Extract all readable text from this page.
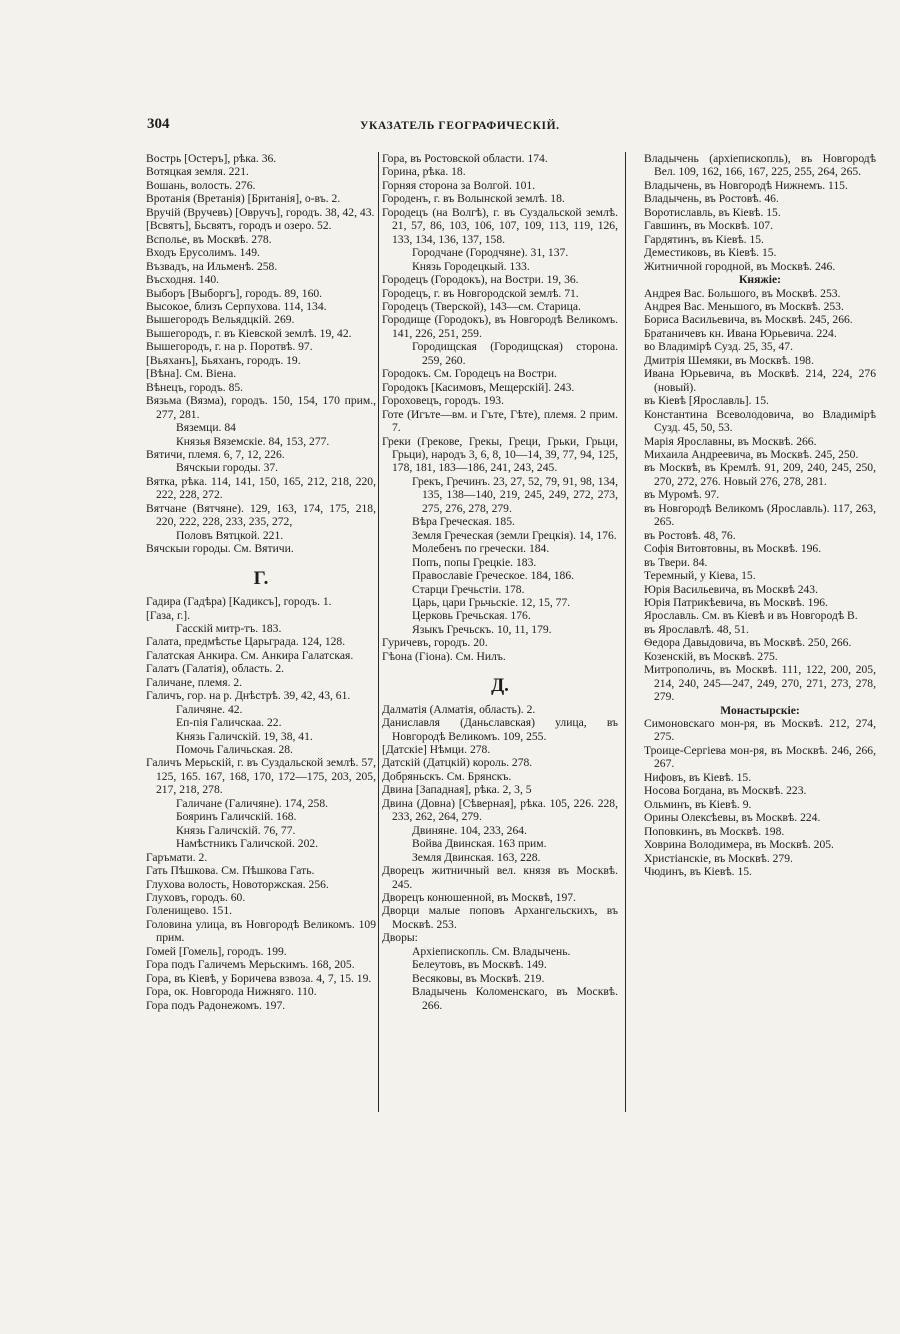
304	УКАЗАТЕЛЬ ГЕОГРАФИЧЕСКІЙ.

Вострь [Остеръ], рѣка. 36.

Вотяцкая земля. 221.

Вошань, волость. 276.

Вротанія (Вретанія) [Британія], о-въ. 2.

Вручій (Вручевъ) [Овручъ], городъ. 38, 42, 43.

[Всвятъ], Бьсвятъ, городъ и озеро. 52.

Всполье, въ Москвѣ. 278.

Входъ Ерусолимъ. 149.

Възвадъ, на Ильменѣ. 258.

Въсходня. 140.

Выборъ [Выборгъ], городъ. 89, 160.

Высокое, близъ Серпухова. 114, 134.

Вышегородъ Вельядцкій. 269.

Вышегородъ, г. въ Кіевской землѣ. 19, 42.

Вышегородъ, г. на р. Поротвѣ. 97.

[Вьяханъ], Бьяханъ, городъ. 19.

[Вѣна]. См. Віена.

Вѣнецъ, городъ. 85.

Вязьма (Вязма), городъ. 150, 154, 170 прим., 277, 281.

Вяземци. 84

Князья Вяземскіе. 84, 153, 277.

Вятичи, племя. 6, 7, 12, 226.

Вячскыи городы. 37.

Вятка, рѣка. 114, 141, 150, 165, 212, 218, 220, 222, 228, 272.

Вятчане (Вятчяне). 129, 163, 174, 175, 218, 220, 222, 228, 233, 235, 272,

Половъ Вятцкой. 221.

Вячскыи городы. См. Вятичи.

Г.

Гадира (Гадѣра) [Кадиксъ], городъ. 1.

[Газа, г.].

Гасскій митр-тъ. 183.

Галата, предмѣстье Царьграда. 124, 128.

Галатская Анкира. См. Анкира Галатская.

Галатъ (Галатія), область. 2.

Галичане, племя. 2.

Галичъ, гор. на р. Днѣстрѣ. 39, 42, 43, 61.

Галичяне. 42.

Еп-пія Галичскаа. 22.

Князь Галичскій. 19, 38, 41.

Помочь Галичьская. 28.

Галичъ Мерьскій, г. въ Суздальской землѣ. 57, 125, 165. 167, 168, 170, 172—175, 203, 205, 217, 218, 278.

Галичане (Галичяне). 174, 258.

Бояринъ Галичскій. 168.

Князь Галичскій. 76, 77.

Намѣстникъ Галичской. 202.

Гаръмати. 2.

Гать Пѣшкова. См. Пѣшкова Гать.

Глухова волость, Новоторжская. 256.

Глуховъ, городъ. 60.

Голенищево. 151.

Головина улица, въ Новгородѣ Великомъ. 109 прим.

Гомей [Гомель], городъ. 199.

Гора подъ Галичемъ Мерьскимъ. 168, 205.

Гора, въ Кіевѣ, у Боричева взвоза. 4, 7, 15. 19.

Гора, ок. Новгорода Нижняго. 110.

Гора подъ Радонежомъ. 197.

Гора, въ Ростовской области. 174.

Горина, рѣка. 18.

Горняя сторона за Волгой. 101.

Городенъ, г. въ Волынской землѣ. 18.

Городецъ (на Волгѣ), г. въ Суздальской землѣ. 21, 57, 86, 103, 106, 107, 109, 113, 119, 126, 133, 134, 136, 137, 158.

Городчане (Городчяне). 31, 137.

Князь Городецкый. 133.

Городецъ (Городокъ), на Востри. 19, 36.

Городецъ, г. въ Новгородской землѣ. 71.

Городецъ (Тверской), 143—см. Старица.

Городище (Городокъ), въ Новгородѣ Великомъ. 141, 226, 251, 259.

Городищская (Городищская) сторона. 259, 260.

Городокъ. См. Городецъ на Востри.

Городокъ [Касимовъ, Мещерскій]. 243.

Гороховецъ, городъ. 193.

Готе (Игъте—вм. и Гъте, Гѣте), племя. 2 прим. 7.

Греки (Грекове, Грекы, Греци, Грьки, Грьци, Грьци), народъ 3, 6, 8, 10—14, 39, 77, 94, 125, 178, 181, 183—186, 241, 243, 245.

Грекъ, Гречинъ. 23, 27, 52, 79, 91, 98, 134, 135, 138—140, 219, 245, 249, 272, 273, 275, 276, 278, 279.

Вѣра Греческая. 185.

Земля Греческая (земли Грецкія). 14, 176.

Молебенъ по гречески. 184.

Попъ, попы Грецкіе. 183.

Православіе Греческое. 184, 186.

Старци Гречьстіи. 178.

Царь, цари Грьчьскіе. 12, 15, 77.

Церковь Гречьская. 176.

Языкъ Гречьскъ. 10, 11, 179.

Гуричевъ, городъ. 20.

Гѣона (Гіона). См. Нилъ.

Д.

Далматія (Алматія, область). 2.

Даниславля (Даньславская) улица, въ Новгородѣ Великомъ. 109, 255.

[Датскіе] Нѣмци. 278.

Датскій (Датцкій) король. 278.

Добряньскъ. См. Брянскъ.

Двина [Западная], рѣка. 2, 3, 5

Двина (Довна) [Сѣверная], рѣка. 105, 226. 228, 233, 262, 264, 279.

Двиняне. 104, 233, 264.

Войва Двинская. 163 прим.

Земля Двинская. 163, 228.

Дворецъ житничный вел. князя въ Москвѣ. 245.

Дворецъ конюшенной, въ Москвѣ, 197.

Дворци малые поповъ Архангельскихъ, въ Москвѣ. 253.

Дворы:

Архіепископль. См. Владычень.

Белеутовъ, въ Москвѣ. 149.

Весяковы, въ Москвѣ. 219.

Владычень Коломенскаго, въ Москвѣ. 266.

Владычень (архіепископль), въ Новгородѣ Вел. 109, 162, 166, 167, 225, 255, 264, 265.

Владычень, въ Новгородѣ Нижнемъ. 115.

Владычень, въ Ростовѣ. 46.

Воротиславль, въ Кіевѣ. 15.

Гавшинъ, въ Москвѣ. 107.

Гардятинъ, въ Кіевѣ. 15.

Деместиковъ, въ Кіевѣ. 15.

Житничной городной, въ Москвѣ. 246.

Княжіе:

Андрея Вас. Большого, въ Москвѣ. 253.

Андрея Вас. Меньшого, въ Москвѣ. 253.

Бориса Васильевича, въ Москвѣ. 245, 266.

Братаничевъ кн. Ивана Юрьевича. 224.

во Владимірѣ Сузд. 25, 35, 47.

Дмитрія Шемяки, въ Москвѣ. 198.

Ивана Юрьевича, въ Москвѣ. 214, 224, 276 (новый).

въ Кіевѣ [Ярославль]. 15.

Константина Всеволодовича, во Владимірѣ Сузд. 45, 50, 53.

Марія Ярославны, въ Москвѣ. 266.

Михаила Андреевича, въ Москвѣ. 245, 250.

въ Москвѣ, въ Кремлѣ. 91, 209, 240, 245, 250, 270, 272, 276. Новый 276, 278, 281.

въ Муромѣ. 97.

въ Новгородѣ Великомъ (Ярославль). 117, 263, 265.

въ Ростовѣ. 48, 76.

Софія Витовтовны, въ Москвѣ. 196.

въ Твери. 84.

Теремный, у Кіева, 15.

Юрія Васильевича, въ Москвѣ 243.

Юрія Патрикѣевича, въ Москвѣ. 196.

Ярославль. См. въ Кіевѣ и въ Новгородѣ В.

въ Ярославлѣ. 48, 51.

Ѳедора Давыдовича, въ Москвѣ. 250, 266.

Козенскій, въ Москвѣ. 275.

Митрополичь, въ Москвѣ. 111, 122, 200, 205, 214, 240, 245—247, 249, 270, 271, 273, 278, 279.

Монастырскіе:

Симоновскаго мон-ря, въ Москвѣ. 212, 274, 275.

Троице-Сергіева мон-ря, въ Москвѣ. 246, 266, 267.

Нифовъ, въ Кіевѣ. 15.

Носова Богдана, въ Москвѣ. 223.

Ольминъ, въ Кіевѣ. 9.

Орины Олексѣевы, въ Москвѣ. 224.

Поповкинъ, въ Москвѣ. 198.

Ховрина Володимера, въ Москвѣ. 205.

Христіанскіе, въ Москвѣ. 279.

Чюдинъ, въ Кіевѣ. 15.
